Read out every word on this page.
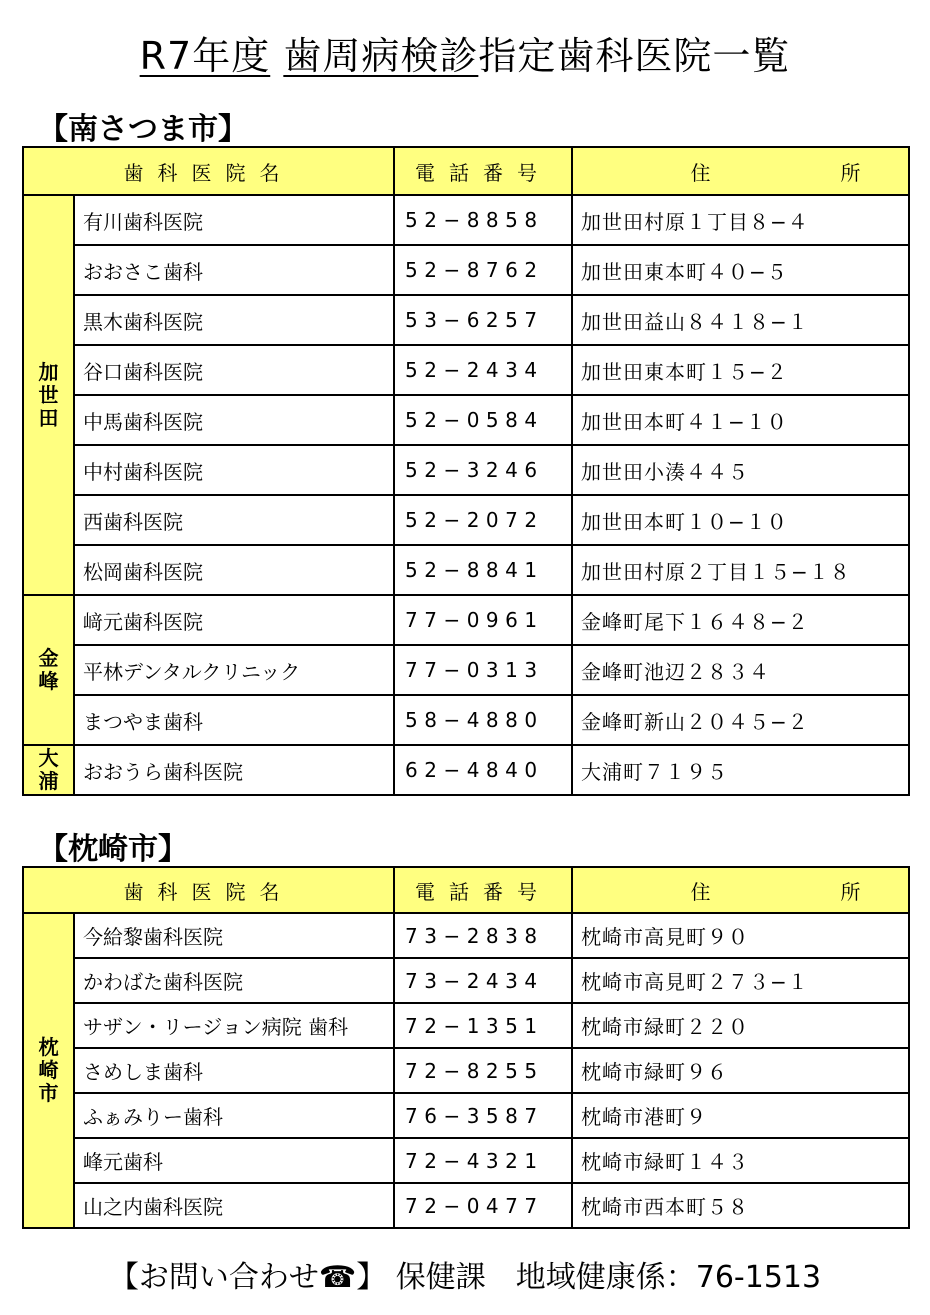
R7年度 歯周病検診指定歯科医院一覧
【南さつま市】
歯科医院名		電話番号	住 所
加世田	有川歯科医院	52−8858	加世田村原１丁目８−４
	おおさこ歯科	52−8762	加世田東本町４０−５
	黒木歯科医院	53−6257	加世田益山８４１８−１
	谷口歯科医院	52−2434	加世田東本町１５−２
	中馬歯科医院	52−0584	加世田本町４１−１０
	中村歯科医院	52−3246	加世田小湊４４５
	西歯科医院	52−2072	加世田本町１０−１０
	松岡歯科医院	52−8841	加世田村原２丁目１５−１８
金峰	﨑元歯科医院	77−0961	金峰町尾下１６４８−２
	平林デンタルクリニック	77−0313	金峰町池辺２８３４
	まつやま歯科	58−4880	金峰町新山２０４５−２
大浦	おおうら歯科医院	62−4840	大浦町７１９５
【枕崎市】
歯科医院名		電話番号	住 所
枕崎市	今給黎歯科医院	73−2838	枕崎市高見町９０
	かわばた歯科医院	73−2434	枕崎市高見町２７３−１
	サザン・リージョン病院 歯科	72−1351	枕崎市緑町２２０
	さめしま歯科	72−8255	枕崎市緑町９６
	ふぁみりー歯科	76−3587	枕崎市港町９
	峰元歯科	72−4321	枕崎市緑町１４３
	山之内歯科医院	72−0477	枕崎市西本町５８
【お問い合わせ☎】 保健課　地域健康係：76-1513
